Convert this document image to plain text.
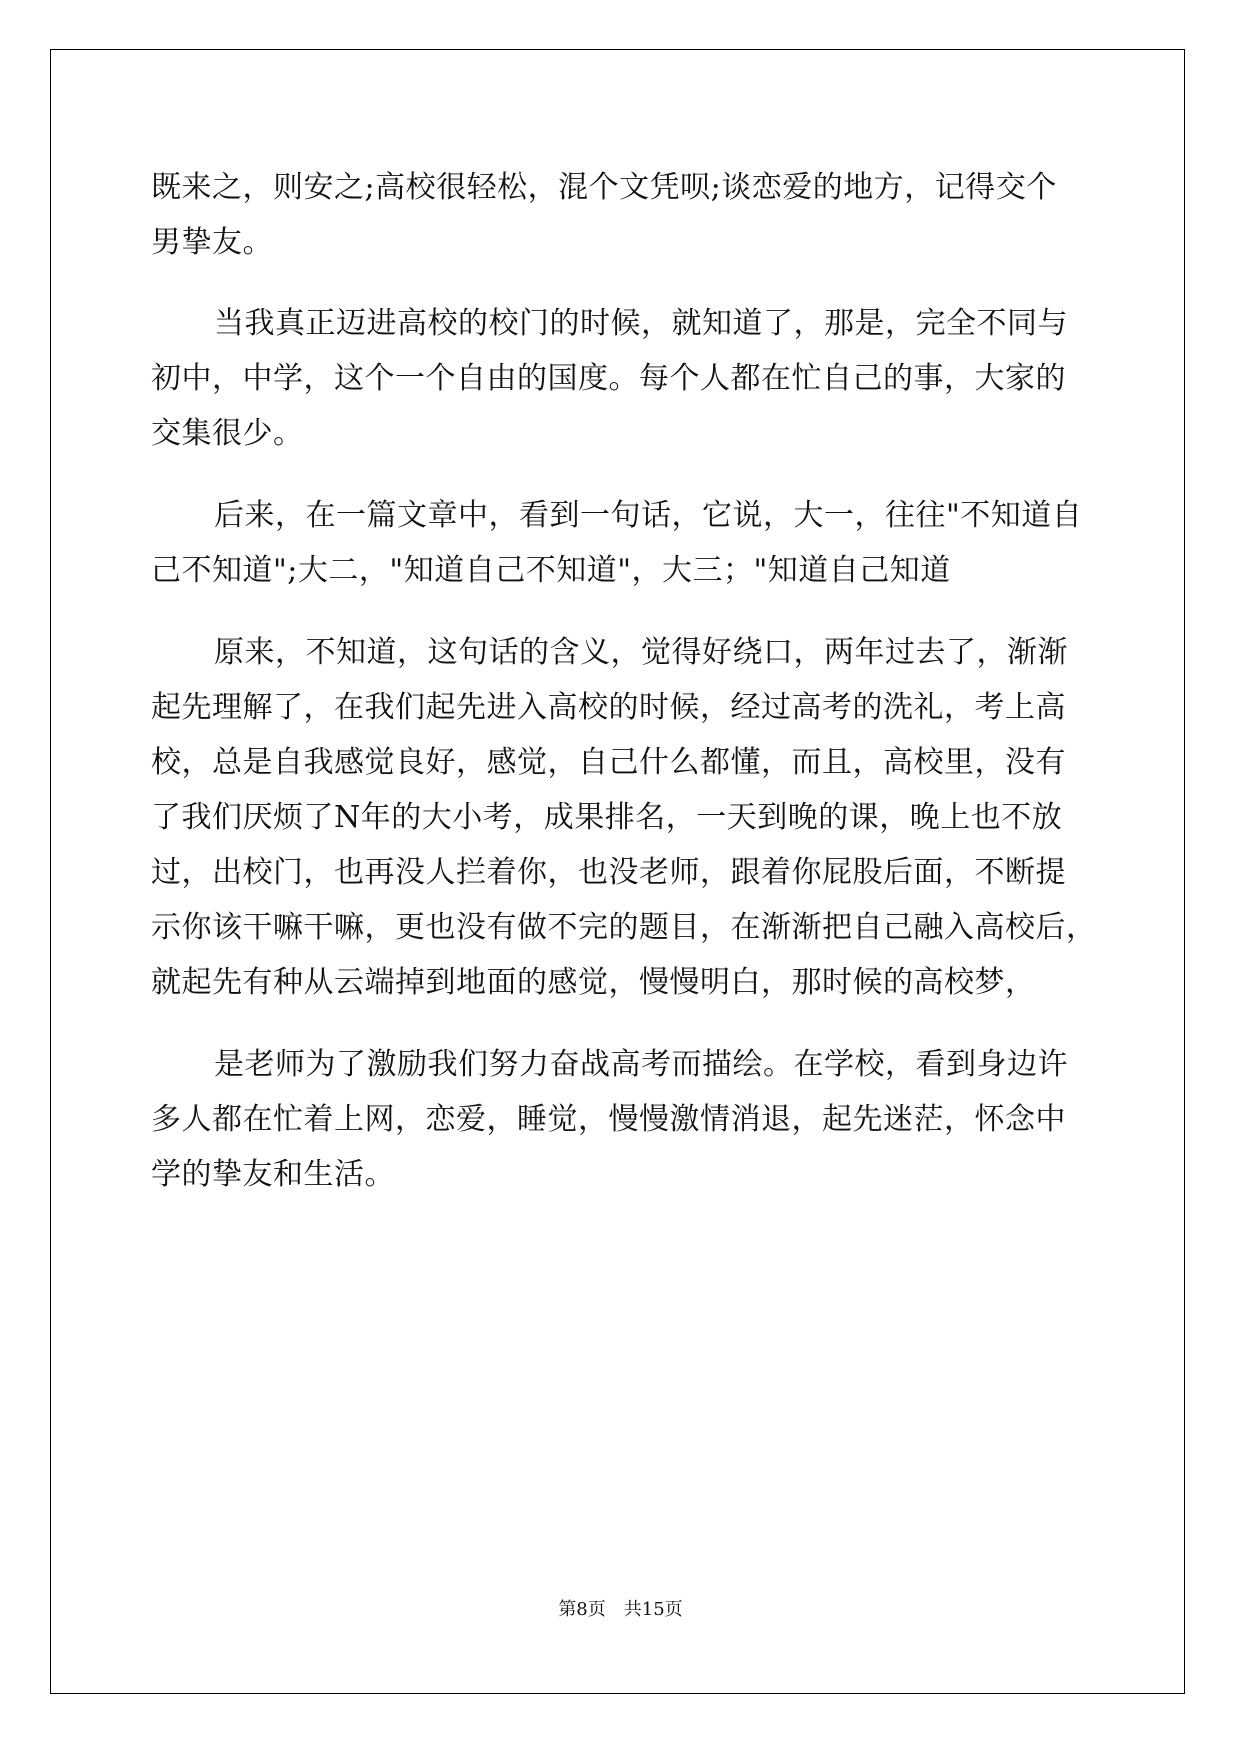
既来之，则安之;高校很轻松，混个文凭呗;谈恋爱的地方，记得交个
男挚友。
当我真正迈进高校的校门的时候，就知道了，那是，完全不同与
初中，中学，这个一个自由的国度。每个人都在忙自己的事，大家的
交集很少。
后来，在一篇文章中，看到一句话，它说，大一，往往"不知道自
己不知道";大二，"知道自己不知道"，大三；"知道自己知道
原来，不知道，这句话的含义，觉得好绕口，两年过去了，渐渐
起先理解了，在我们起先进入高校的时候，经过高考的洗礼，考上高
校，总是自我感觉良好，感觉，自己什么都懂，而且，高校里，没有
了我们厌烦了N年的大小考，成果排名，一天到晚的课，晚上也不放
过，出校门，也再没人拦着你，也没老师，跟着你屁股后面，不断提
示你该干嘛干嘛，更也没有做不完的题目，在渐渐把自己融入高校后，
就起先有种从云端掉到地面的感觉，慢慢明白，那时候的高校梦，
是老师为了激励我们努力奋战高考而描绘。在学校，看到身边许
多人都在忙着上网，恋爱，睡觉，慢慢激情消退，起先迷茫，怀念中
学的挚友和生活。
第8页　共15页
